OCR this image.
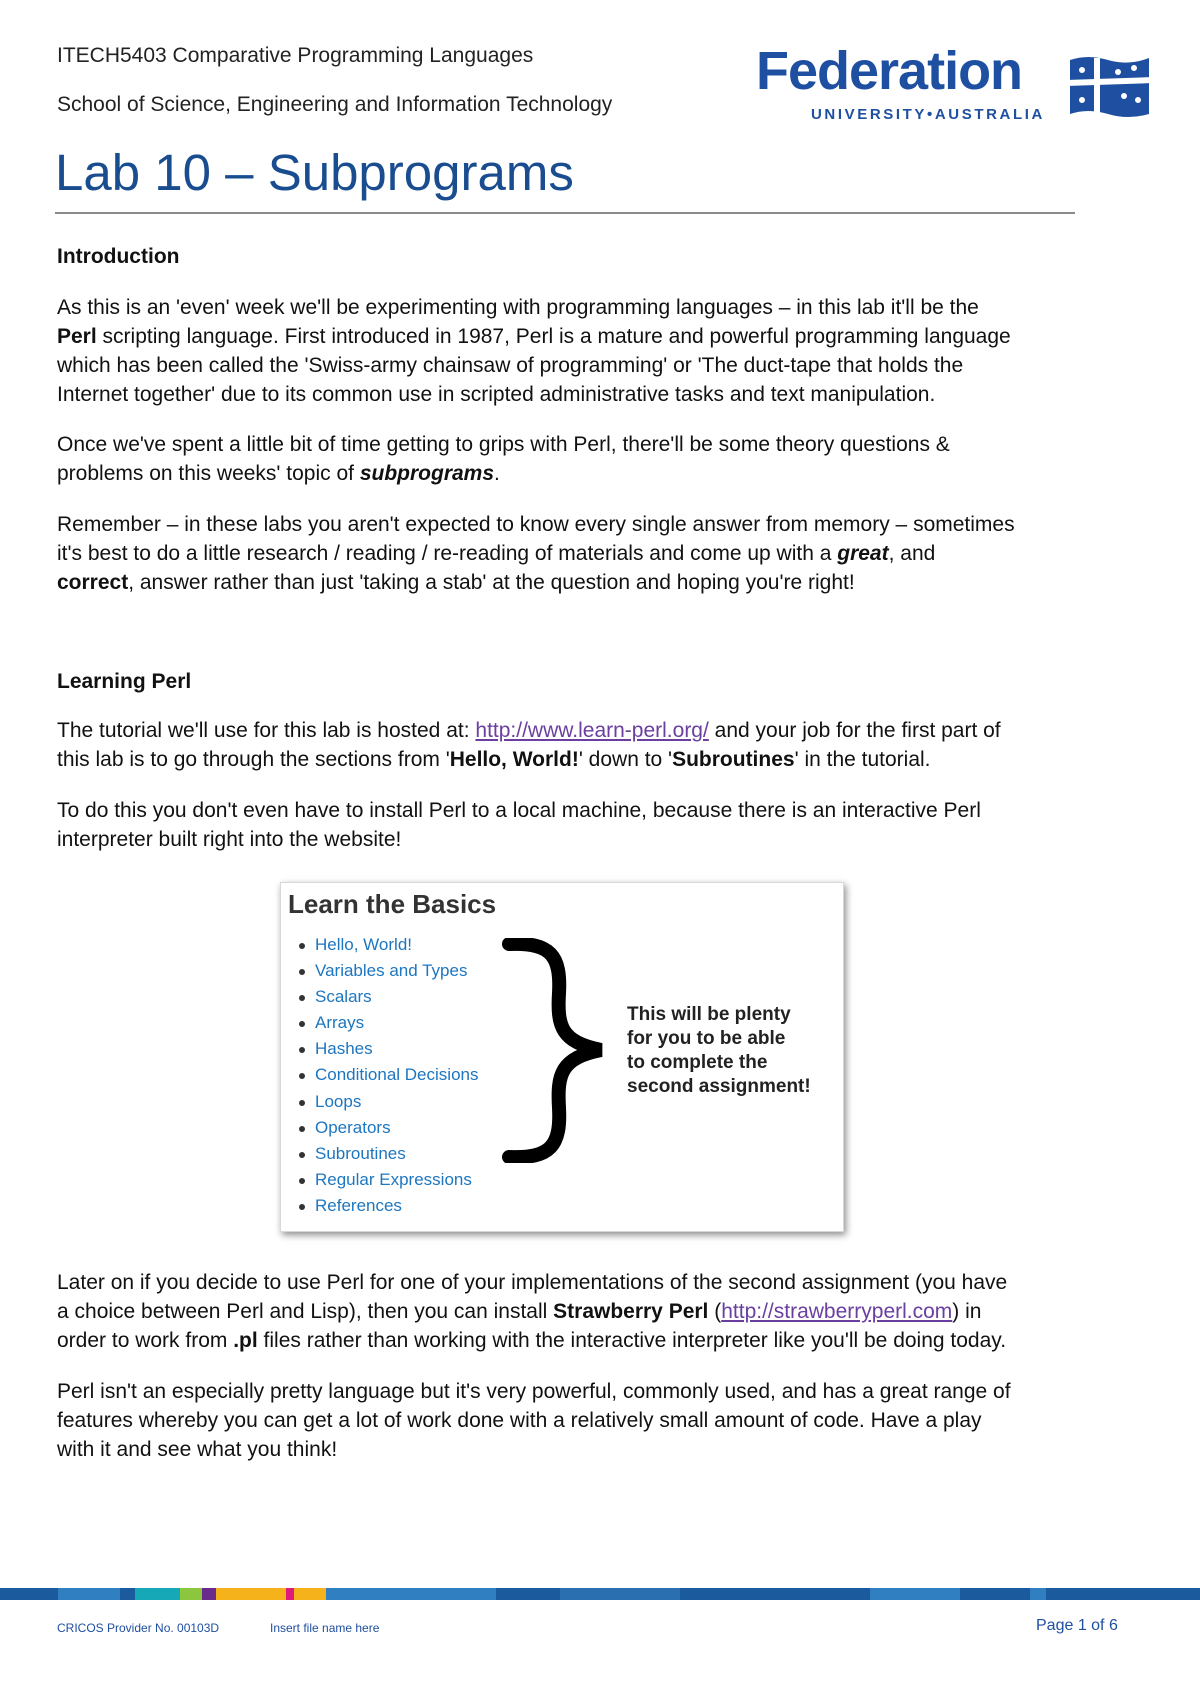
ITECH5403 Comparative Programming Languages
School of Science, Engineering and Information Technology
Federation
UNIVERSITY•AUSTRALIA
Lab 10 – Subprograms
Introduction
As this is an 'even' week we'll be experimenting with programming languages – in this lab it'll be the
Perl scripting language. First introduced in 1987, Perl is a mature and powerful programming language
which has been called the 'Swiss-army chainsaw of programming' or 'The duct-tape that holds the
Internet together' due to its common use in scripted administrative tasks and text manipulation.
Once we've spent a little bit of time getting to grips with Perl, there'll be some theory questions &
problems on this weeks' topic of subprograms.
Remember – in these labs you aren't expected to know every single answer from memory – sometimes
it's best to do a little research / reading / re-reading of materials and come up with a great, and
correct, answer rather than just 'taking a stab' at the question and hoping you're right!
Learning Perl
The tutorial we'll use for this lab is hosted at: http://www.learn-perl.org/ and your job for the first part of
this lab is to go through the sections from 'Hello, World!' down to 'Subroutines' in the tutorial.
To do this you don't even have to install Perl to a local machine, because there is an interactive Perl
interpreter built right into the website!
Learn the Basics
Hello, World!
Variables and Types
Scalars
Arrays
Hashes
Conditional Decisions
Loops
Operators
Subroutines
Regular Expressions
References
This will be plenty
for you to be able
to complete the
second assignment!
Later on if you decide to use Perl for one of your implementations of the second assignment (you have
a choice between Perl and Lisp), then you can install Strawberry Perl (http://strawberryperl.com) in
order to work from .pl files rather than working with the interactive interpreter like you'll be doing today.
Perl isn't an especially pretty language but it's very powerful, commonly used, and has a great range of
features whereby you can get a lot of work done with a relatively small amount of code. Have a play
with it and see what you think!
CRICOS Provider No. 00103D	Insert file name here	Page 1 of 6
